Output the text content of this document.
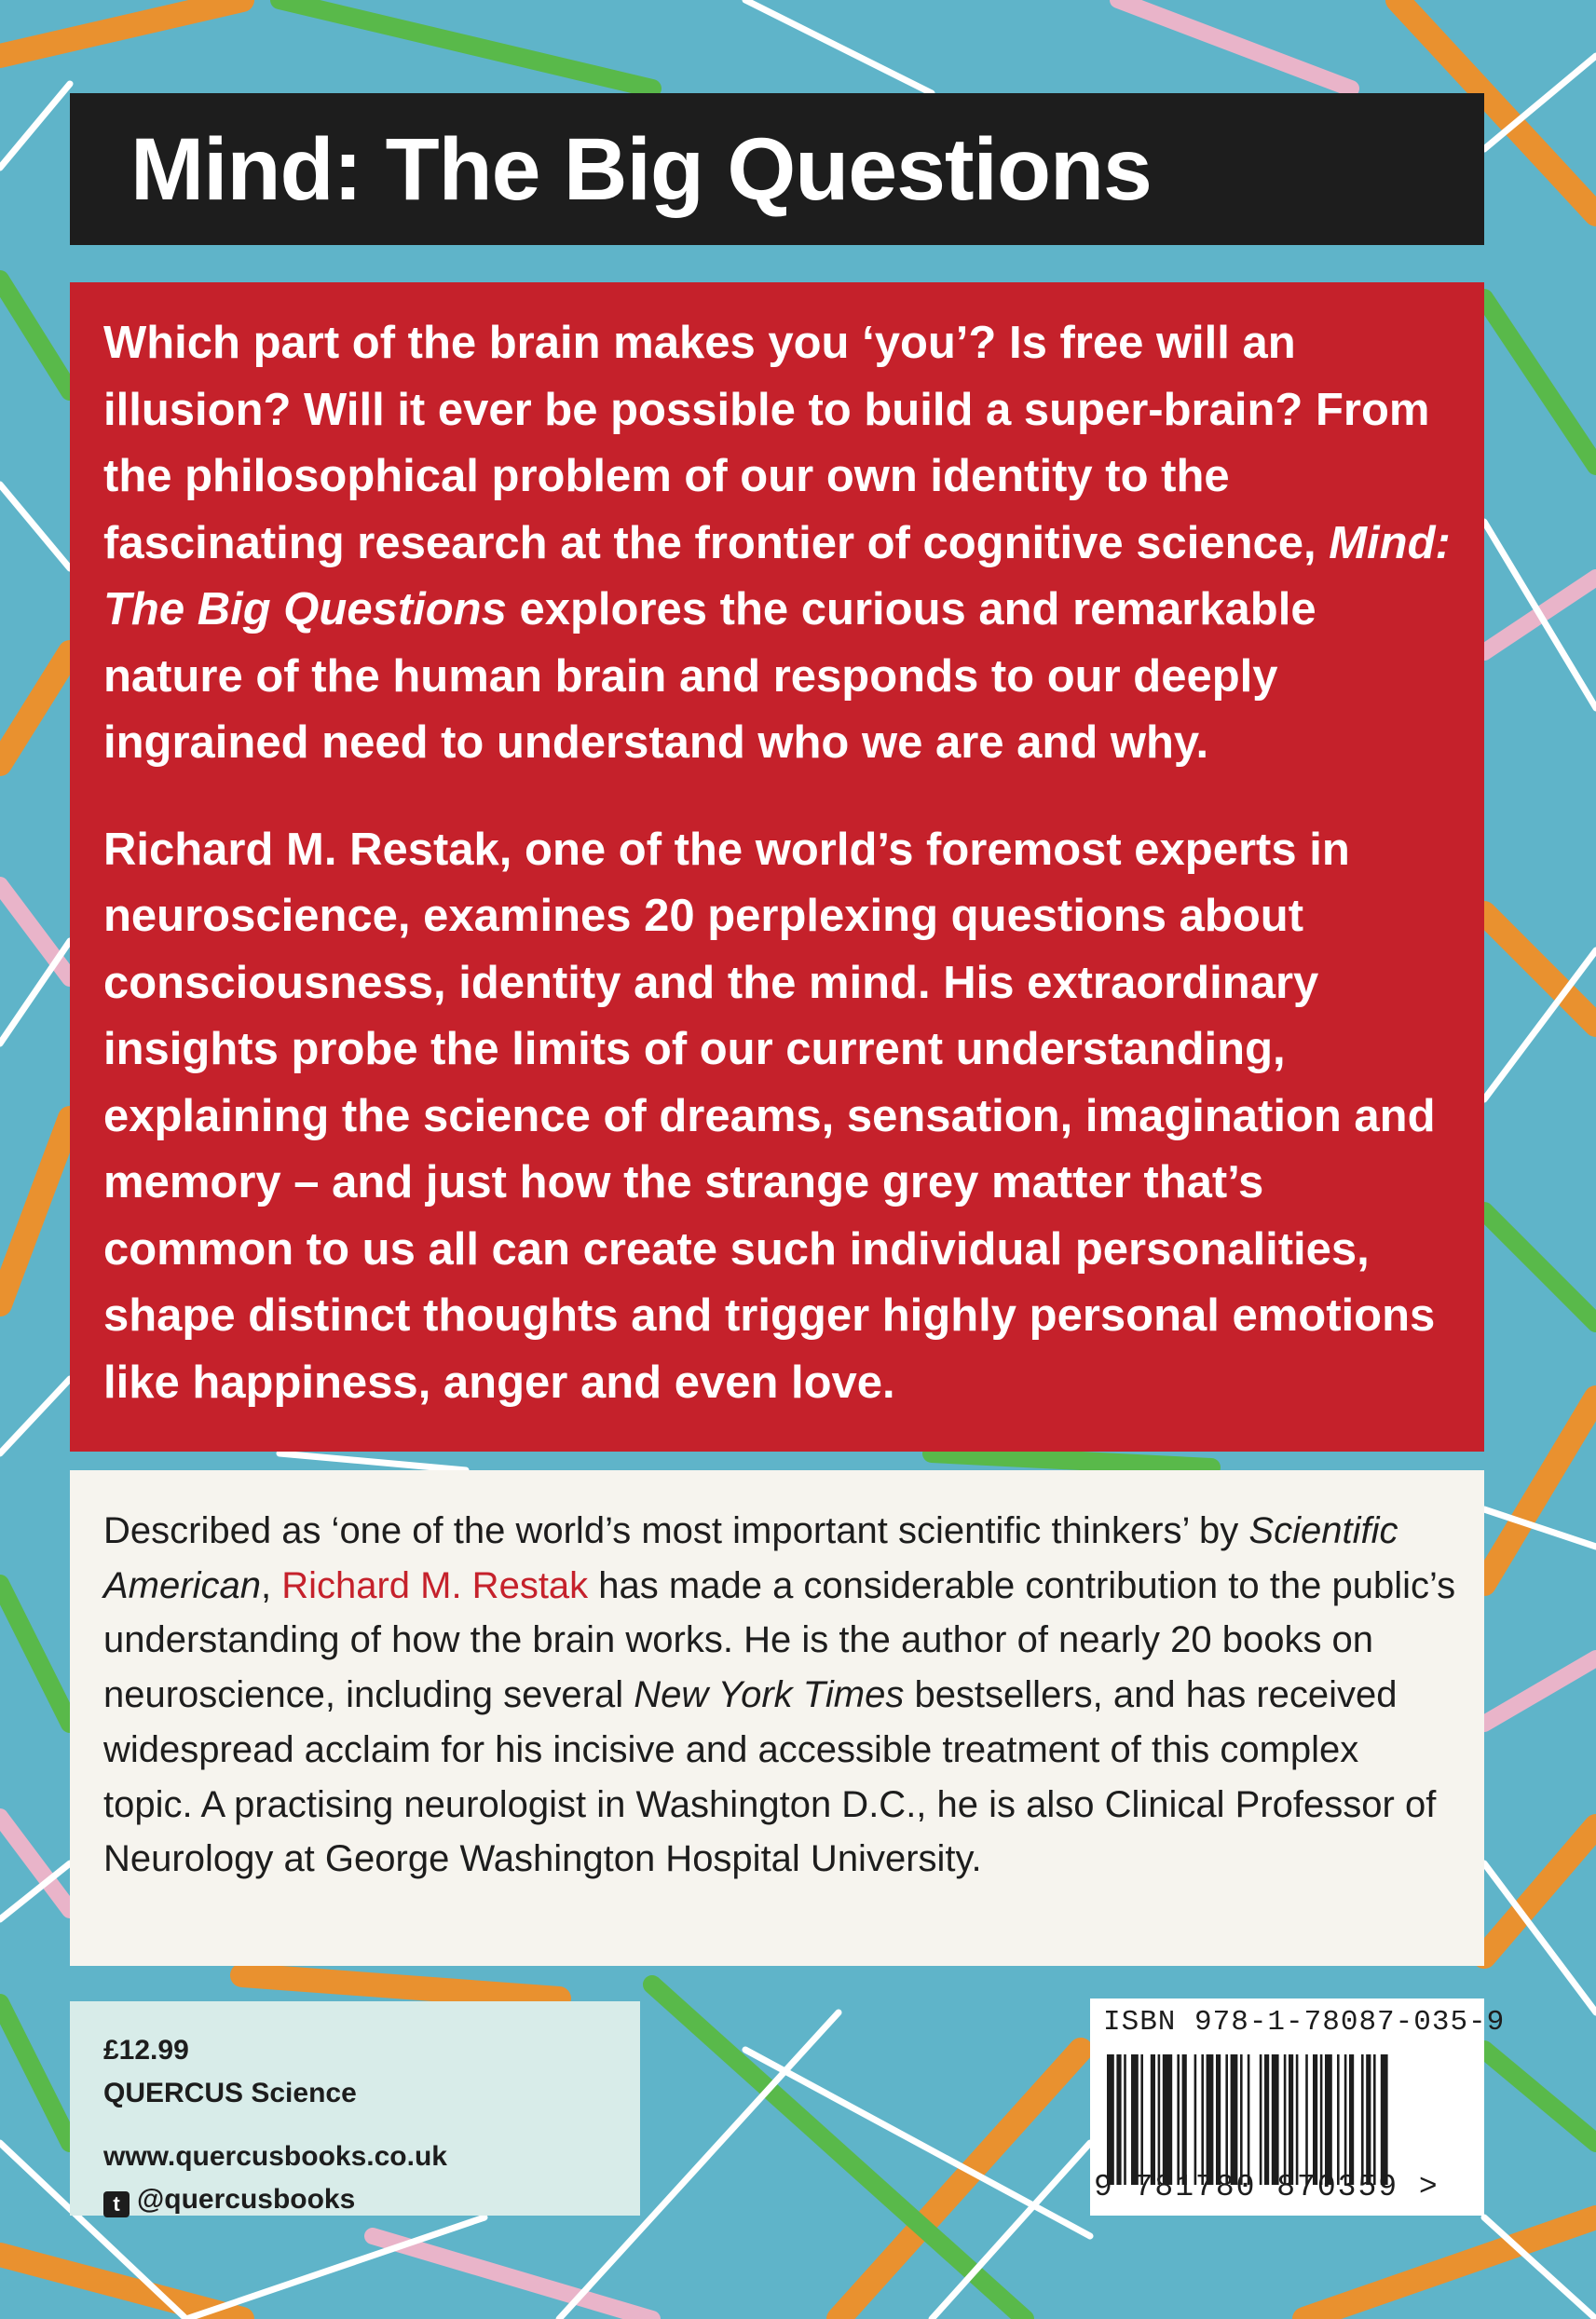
Mind: The Big Questions

Which part of the brain makes you ‘you’? Is free will an illusion? Will it ever be possible to build a super-brain? From the philosophical problem of our own identity to the fascinating research at the frontier of cognitive science, Mind: The Big Questions explores the curious and remarkable nature of the human brain and responds to our deeply ingrained need to understand who we are and why.

Richard M. Restak, one of the world’s foremost experts in neuroscience, examines 20 perplexing questions about consciousness, identity and the mind. His extraordinary insights probe the limits of our current understanding, explaining the science of dreams, sensation, imagination and memory – and just how the strange grey matter that’s common to us all can create such individual personalities, shape distinct thoughts and trigger highly personal emotions like happiness, anger and even love.

Described as ‘one of the world’s most important scientific thinkers’ by Scientific American, Richard M. Restak has made a considerable contribution to the public’s understanding of how the brain works. He is the author of nearly 20 books on neuroscience, including several New York Times bestsellers, and has received widespread acclaim for his incisive and accessible treatment of this complex topic. A practising neurologist in Washington D.C., he is also Clinical Professor of Neurology at George Washington Hospital University.

£12.99
QUERCUS Science
www.quercusbooks.co.uk
t @quercusbooks
ISBN 978-1-78087-035-9
9 781780 870359 >
